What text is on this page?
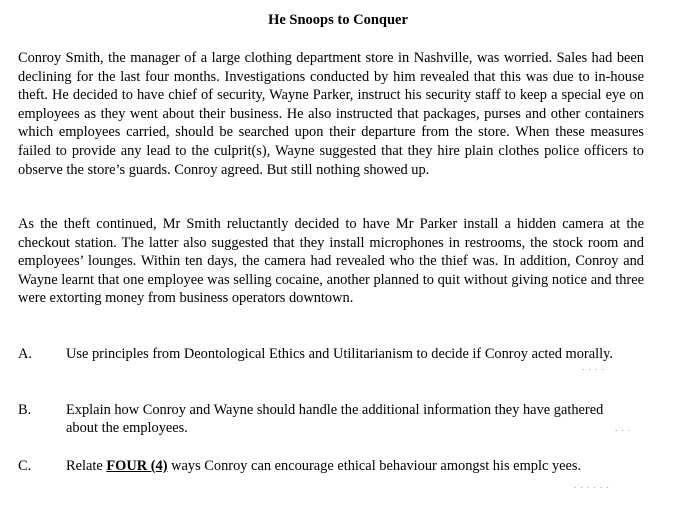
He Snoops to Conquer

Conroy Smith, the manager of a large clothing department store in Nashville, was worried. Sales had been declining for the last four months. Investigations conducted by him revealed that this was due to in-house theft. He decided to have chief of security, Wayne Parker, instruct his security staff to keep a special eye on employees as they went about their business. He also instructed that packages, purses and other containers which employees carried, should be searched upon their departure from the store. When these measures failed to provide any lead to the culprit(s), Wayne suggested that they hire plain clothes police officers to observe the store’s guards. Conroy agreed. But still nothing showed up.

As the theft continued, Mr Smith reluctantly decided to have Mr Parker install a hidden camera at the checkout station. The latter also suggested that they install microphones in restrooms, the stock room and employees’ lounges. Within ten days, the camera had revealed who the thief was. In addition, Conroy and Wayne learnt that one employee was selling cocaine, another planned to quit without giving notice and three were extorting money from business operators downtown.

A.	Use principles from Deontological Ethics and Utilitarianism to decide if Conroy acted morally.
B.	Explain how Conroy and Wayne should handle the additional information they have gathered about the employees.
C.	Relate FOUR (4) ways Conroy can encourage ethical behaviour amongst his emplc yees.
. . . .
. . .
. . . . . .
